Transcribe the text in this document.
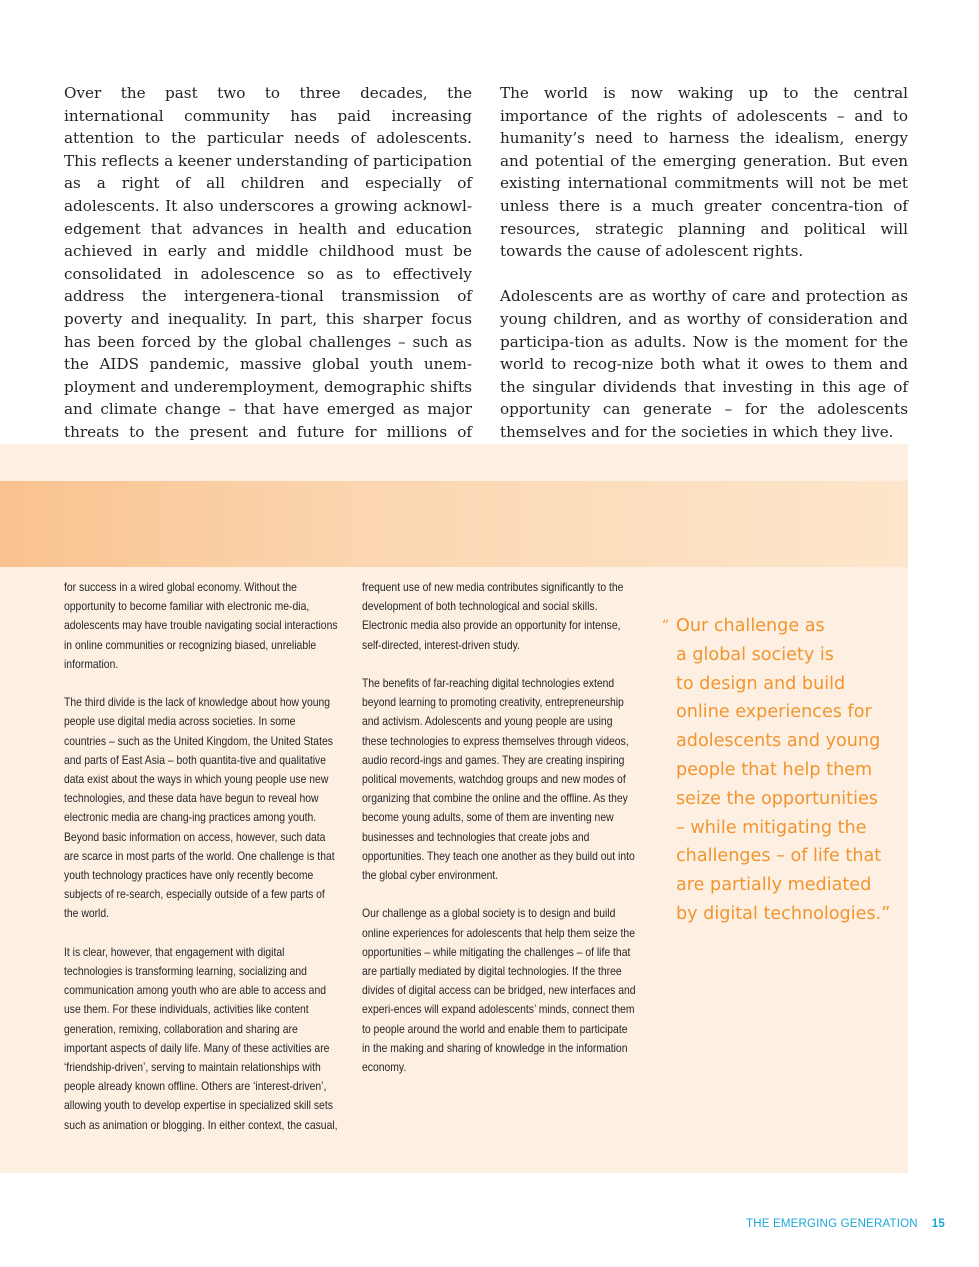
Over the past two to three decades, the international community has paid increasing attention to the particular needs of adolescents. This reflects a keener understanding of participation as a right of all children and especially of adolescents. It also underscores a growing acknowl-edgement that advances in health and education achieved in early and middle childhood must be consolidated in adolescence so as to effectively address the intergenera-tional transmission of poverty and inequality. In part, this sharper focus has been forced by the global challenges – such as the AIDS pandemic, massive global youth unem-ployment and underemployment, demographic shifts and climate change – that have emerged as major threats to the present and future for millions of

The world is now waking up to the central importance of the rights of adolescents – and to humanity’s need to harness the idealism, energy and potential of the emerging generation. But even existing international commitments will not be met unless there is a much greater concentra-tion of resources, strategic planning and political will towards the cause of adolescent rights.

Adolescents are as worthy of care and protection as young children, and as worthy of consideration and participa-tion as adults. Now is the moment for the world to recog-nize both what it owes to them and the singular dividends that investing in this age of opportunity can generate – for the adolescents themselves and for the societies in which they live.

for success in a wired global economy. Without the opportunity to become familiar with electronic me-dia, adolescents may have trouble navigating social interactions in online communities or recognizing biased, unreliable information.

The third divide is the lack of knowledge about how young people use digital media across societies. In some countries – such as the United Kingdom, the United States and parts of East Asia – both quantita-tive and qualitative data exist about the ways in which young people use new technologies, and these data have begun to reveal how electronic media are chang-ing practices among youth. Beyond basic information on access, however, such data are scarce in most parts of the world. One challenge is that youth technology practices have only recently become subjects of re-search, especially outside of a few parts of the world.

It is clear, however, that engagement with digital technologies is transforming learning, socializing and communication among youth who are able to access and use them. For these individuals, activities like content generation, remixing, collaboration and sharing are important aspects of daily life. Many of these activities are ‘friendship-driven’, serving to maintain relationships with people already known offline. Others are ‘interest-driven’, allowing youth to develop expertise in specialized skill sets such as animation or blogging. In either context, the casual,

frequent use of new media contributes significantly to the development of both technological and social skills. Electronic media also provide an opportunity for intense, self-directed, interest-driven study.

The benefits of far-reaching digital technologies extend beyond learning to promoting creativity, entrepreneurship and activism. Adolescents and young people are using these technologies to express themselves through videos, audio record-ings and games. They are creating inspiring political movements, watchdog groups and new modes of organizing that combine the online and the offline. As they become young adults, some of them are inventing new businesses and technologies that create jobs and opportunities. They teach one another as they build out into the global cyber environment.

Our challenge as a global society is to design and build online experiences for adolescents that help them seize the opportunities – while mitigating the challenges – of life that are partially mediated by digital technologies. If the three divides of digital access can be bridged, new interfaces and experi-ences will expand adolescents’ minds, connect them to people around the world and enable them to participate in the making and sharing of knowledge in the information economy.

“ Our challenge as
a global society is
to design and build
online experiences for
adolescents and young
people that help them
seize the opportunities
– while mitigating the
challenges – of life that
are partially mediated
by digital technologies.”
THE EMERGING GENERATION 15
